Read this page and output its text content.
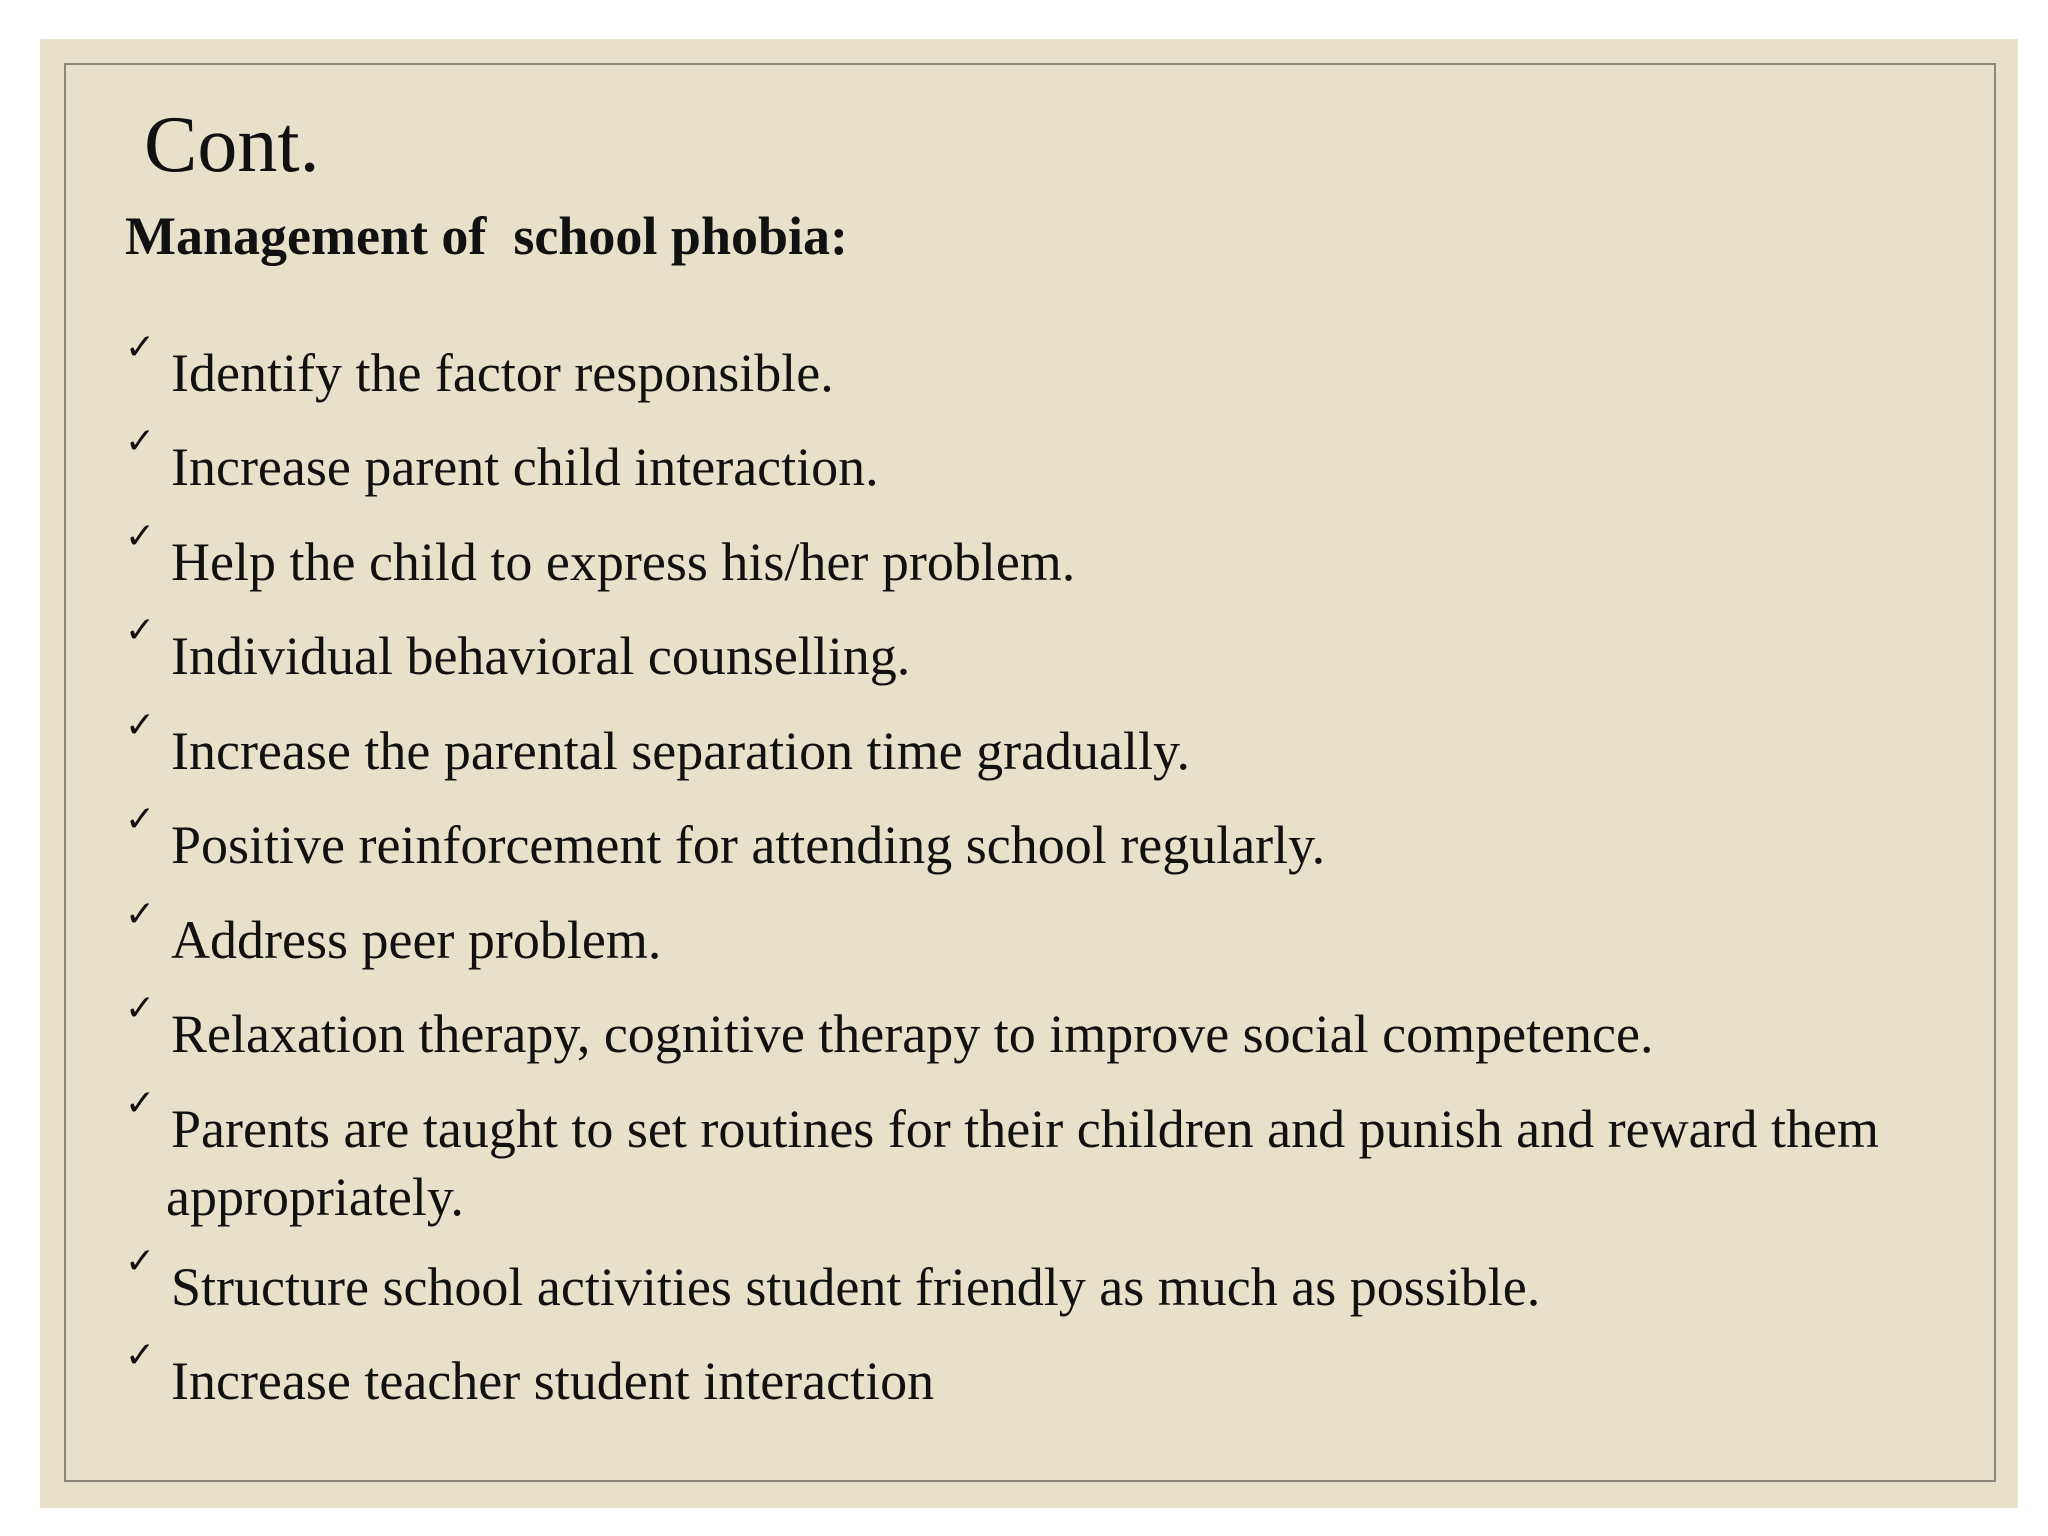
Cont.
Management of  school phobia:
✓ Identify the factor responsible.
✓ Increase parent child interaction.
✓ Help the child to express his/her problem.
✓ Individual behavioral counselling.
✓ Increase the parental separation time gradually.
✓ Positive reinforcement for attending school regularly.
✓ Address peer problem.
✓ Relaxation therapy, cognitive therapy to improve social competence.
✓ Parents are taught to set routines for their children and punish and reward them appropriately.
✓ Structure school activities student friendly as much as possible.
✓ Increase teacher student interaction
